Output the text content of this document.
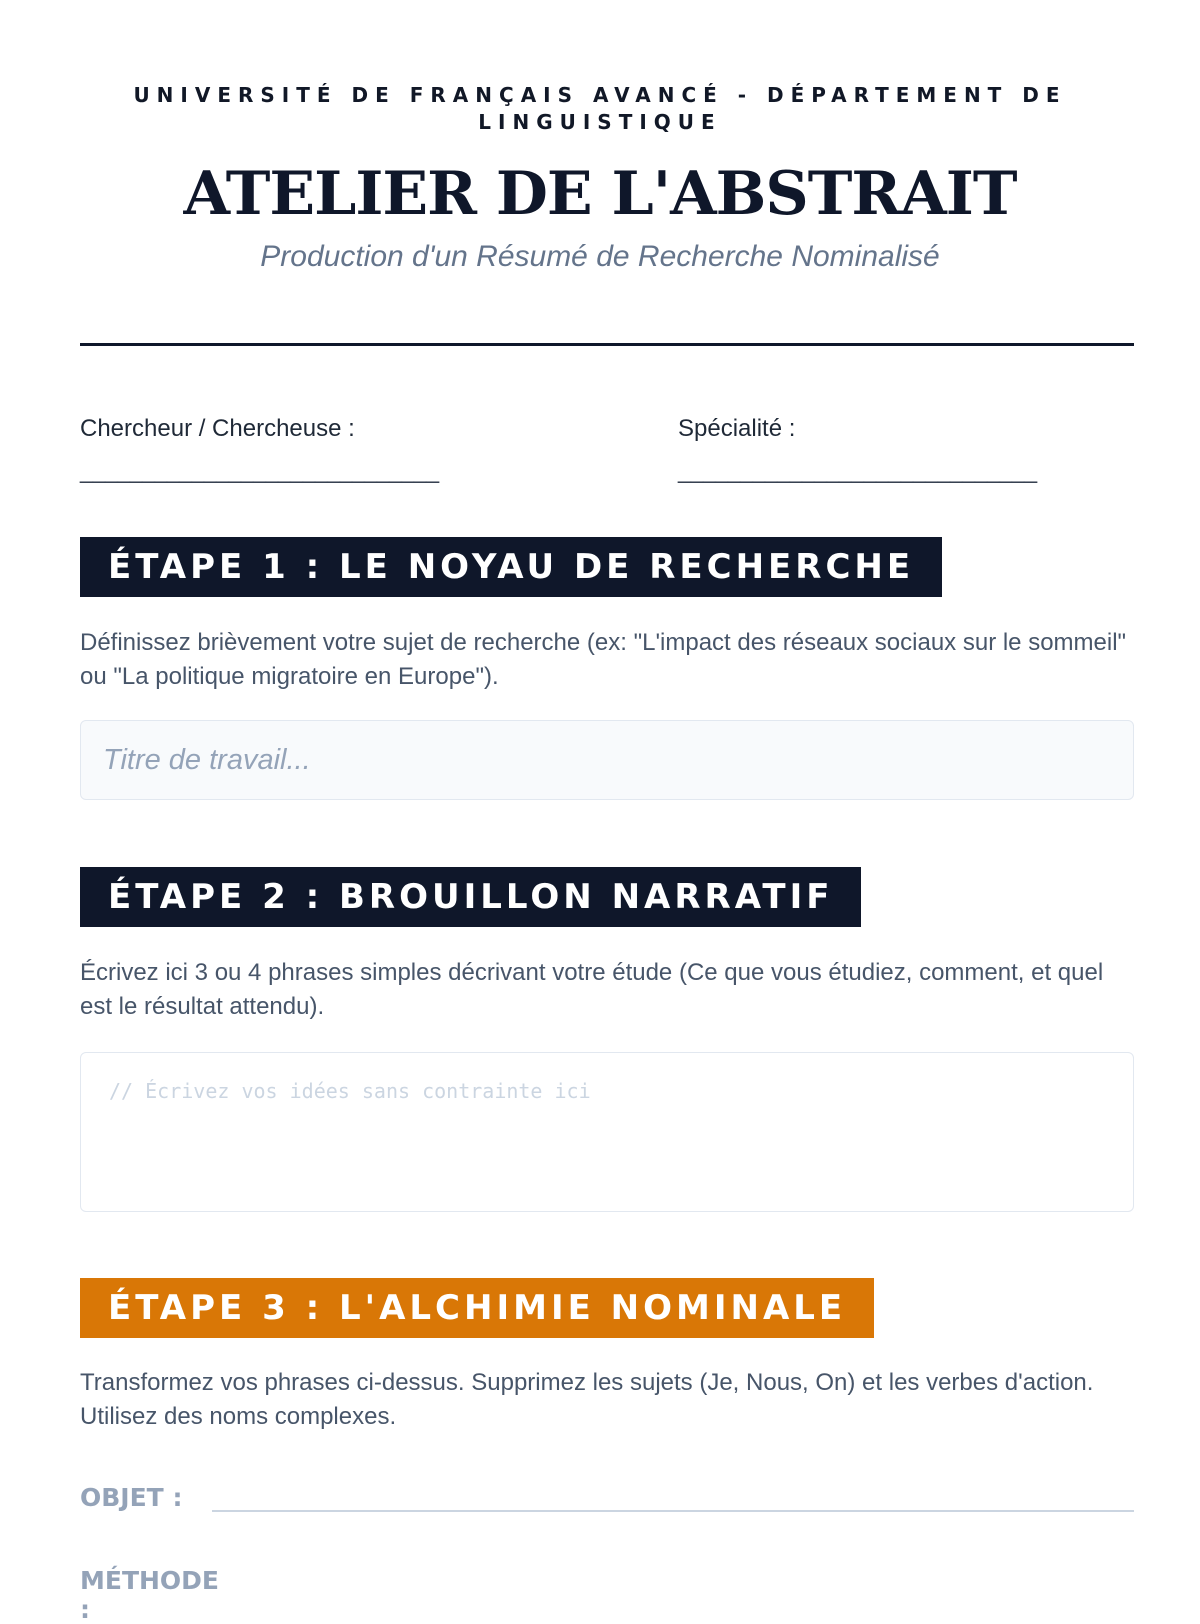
UNIVERSITÉ DE FRANÇAIS AVANCÉ - DÉPARTEMENT DE LINGUISTIQUE
ATELIER DE L'ABSTRAIT
Production d'un Résumé de Recherche Nominalisé
Chercheur / Chercheuse :
_____________________________
Spécialité :
_____________________________
ÉTAPE 1 : LE NOYAU DE RECHERCHE
Définissez brièvement votre sujet de recherche (ex: "L'impact des réseaux sociaux sur le sommeil" ou "La politique migratoire en Europe").
Titre de travail...
ÉTAPE 2 : BROUILLON NARRATIF
Écrivez ici 3 ou 4 phrases simples décrivant votre étude (Ce que vous étudiez, comment, et quel est le résultat attendu).
// Écrivez vos idées sans contrainte ici
ÉTAPE 3 : L'ALCHIMIE NOMINALE
Transformez vos phrases ci-dessus. Supprimez les sujets (Je, Nous, On) et les verbes d'action. Utilisez des noms complexes.
OBJET :
MÉTHODE :
